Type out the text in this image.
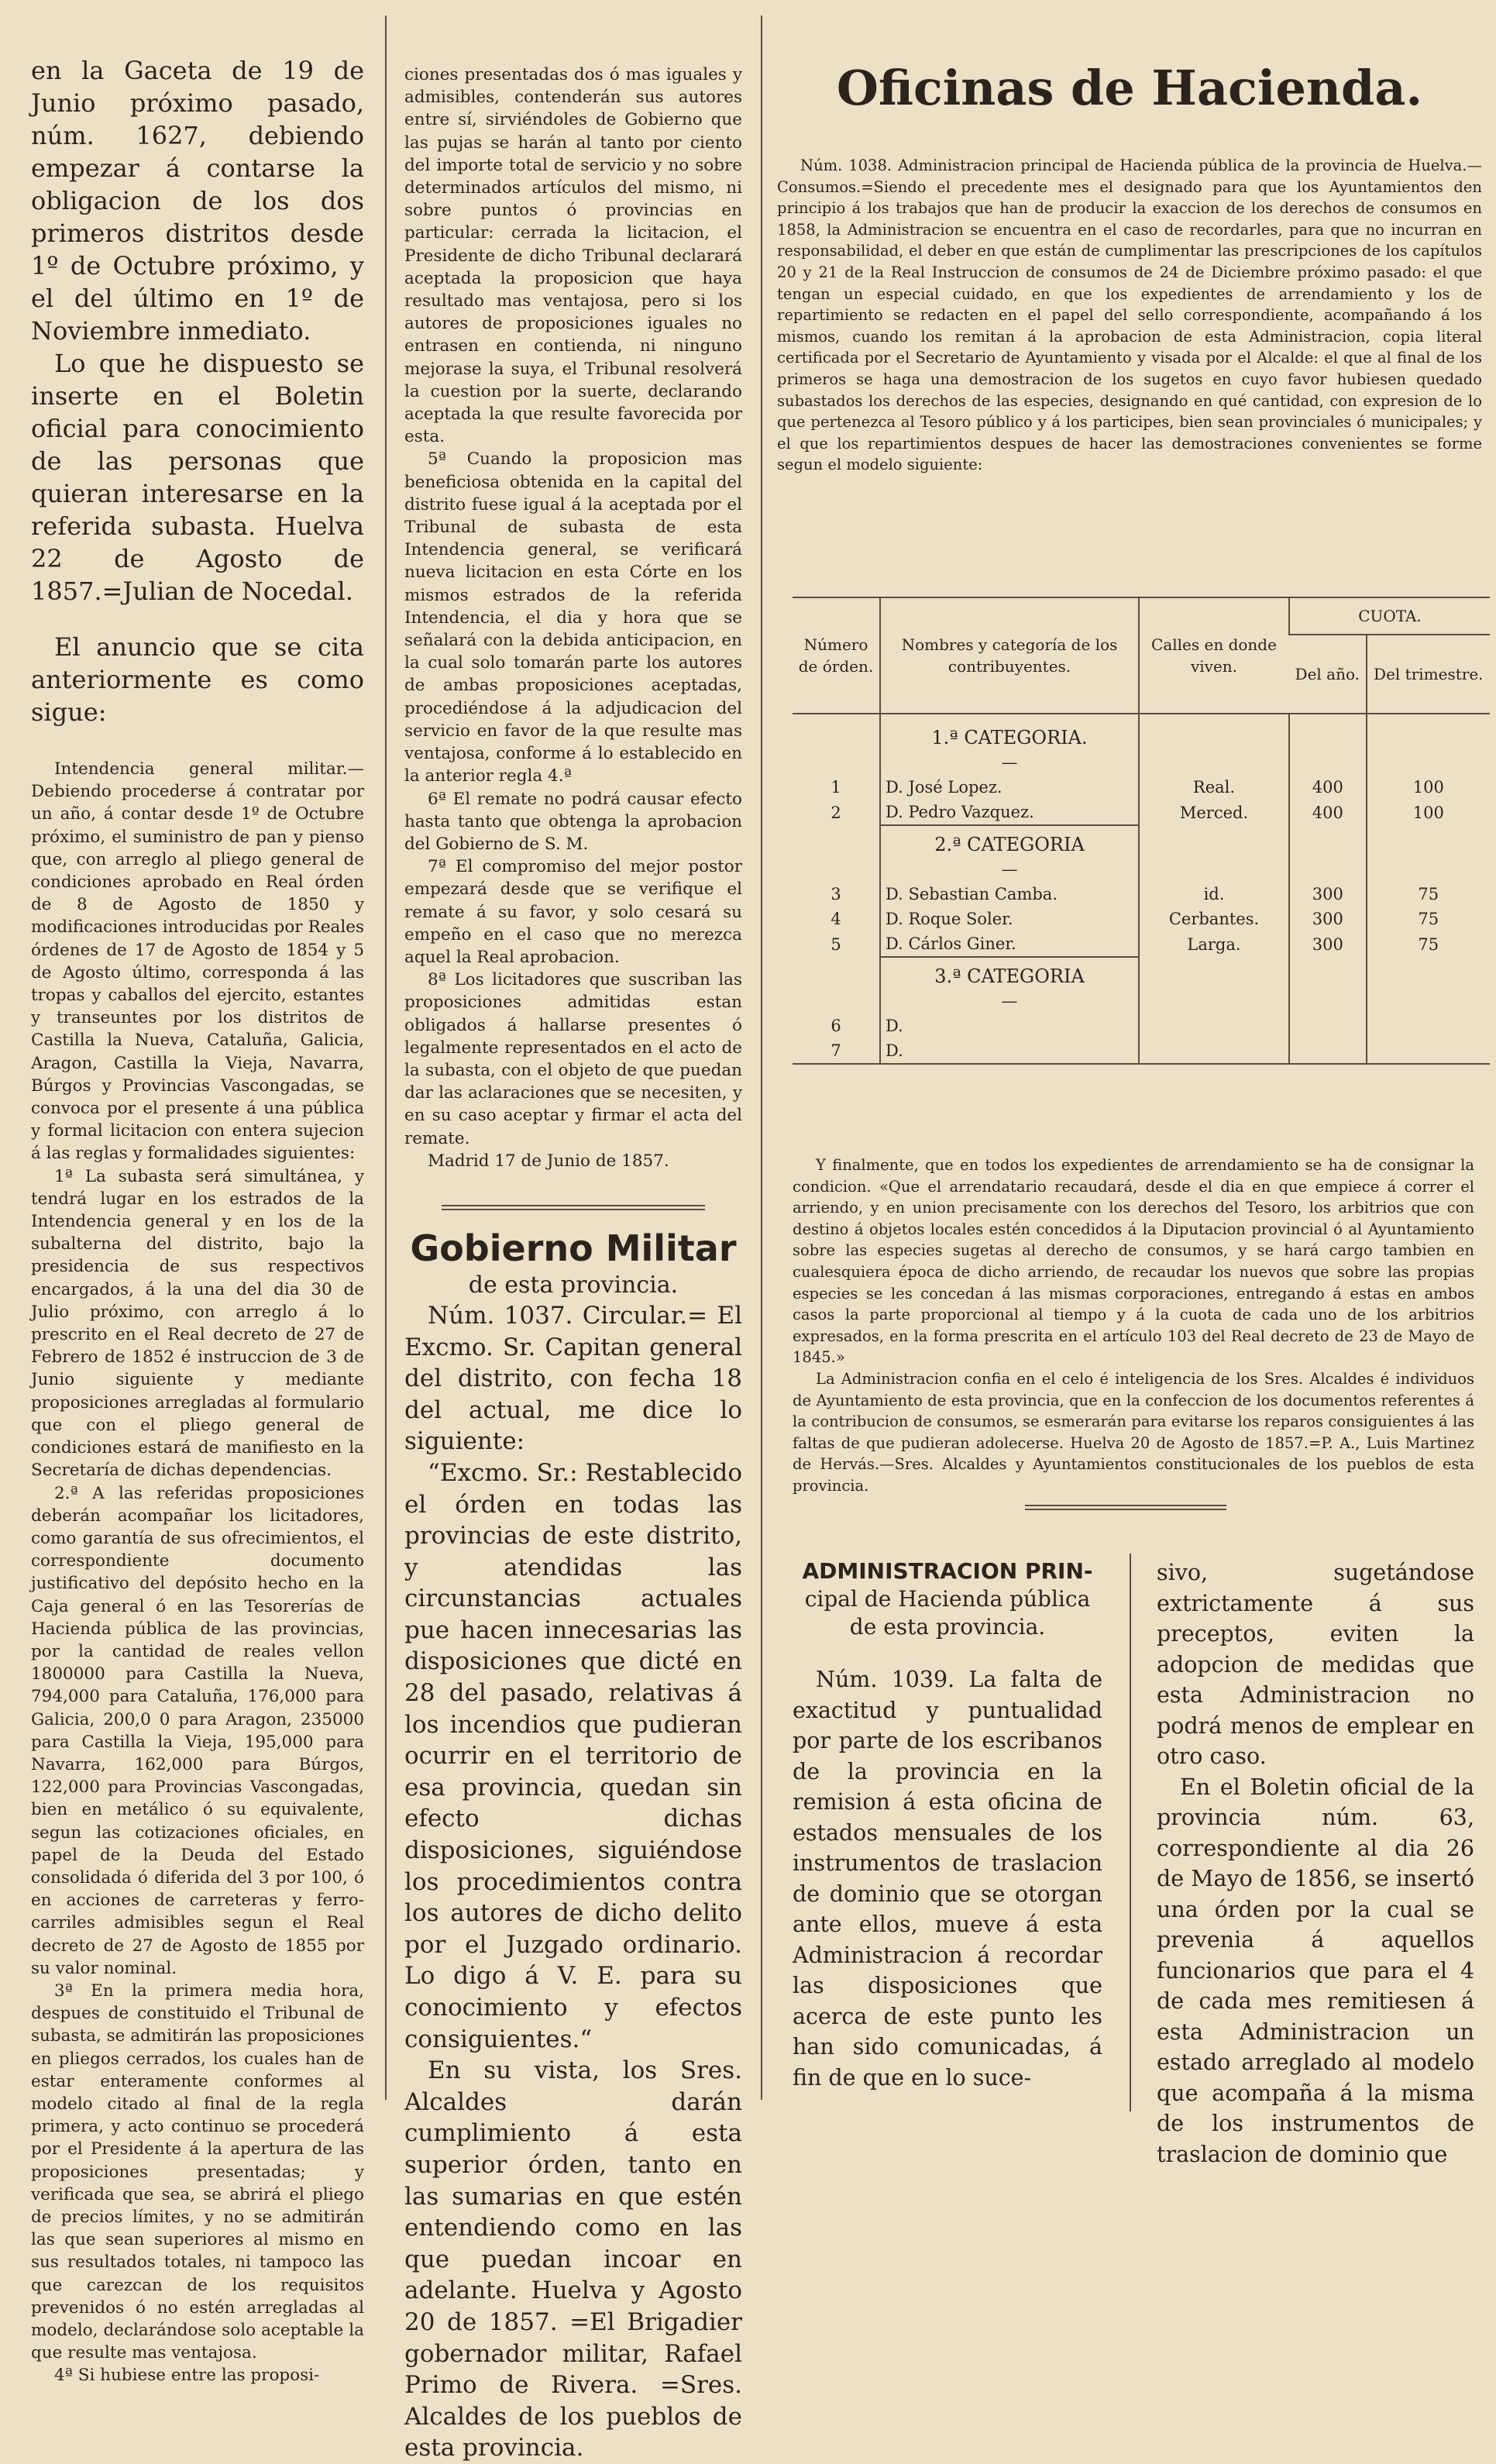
en la Gaceta de 19 de Junio próximo pasado, núm. 1627, debiendo empezar á contarse la obligacion de los dos primeros distritos desde 1º de Octubre próximo, y el del último en 1º de Noviembre inmediato.

Lo que he dispuesto se inserte en el Boletin oficial para conocimiento de las personas que quieran interesarse en la referida subasta. Huelva 22 de Agosto de 1857.=Julian de Nocedal.

El anuncio que se cita anteriormente es como sigue:

Intendencia general militar.—Debiendo procederse á contratar por un año, á contar desde 1º de Octubre próximo, el suministro de pan y pienso que, con arreglo al pliego general de condiciones aprobado en Real órden de 8 de Agosto de 1850 y modificaciones introducidas por Reales órdenes de 17 de Agosto de 1854 y 5 de Agosto último, corresponda á las tropas y caballos del ejercito, estantes y transeuntes por los distritos de Castilla la Nueva, Cataluña, Galicia, Aragon, Castilla la Vieja, Navarra, Búrgos y Provincias Vascongadas, se convoca por el presente á una pública y formal licitacion con entera sujecion á las reglas y formalidades siguientes:

1ª La subasta será simultánea, y tendrá lugar en los estrados de la Intendencia general y en los de la subalterna del distrito, bajo la presidencia de sus respectivos encargados, á la una del dia 30 de Julio próximo, con arreglo á lo prescrito en el Real decreto de 27 de Febrero de 1852 é instruccion de 3 de Junio siguiente y mediante proposiciones arregladas al formulario que con el pliego general de condiciones estará de manifiesto en la Secretaría de dichas dependencias.

2.ª A las referidas proposiciones deberán acompañar los licitadores, como garantía de sus ofrecimientos, el correspondiente documento justificativo del depósito hecho en la Caja general ó en las Tesorerías de Hacienda pública de las provincias, por la cantidad de reales vellon 1800000 para Castilla la Nueva, 794,000 para Cataluña, 176,000 para Galicia, 200,0 0 para Aragon, 235000 para Castilla la Vieja, 195,000 para Navarra, 162,000 para Búrgos, 122,000 para Provincias Vascongadas, bien en metálico ó su equivalente, segun las cotizaciones oficiales, en papel de la Deuda del Estado consolidada ó diferida del 3 por 100, ó en acciones de carreteras y ferro-carriles admisibles segun el Real decreto de 27 de Agosto de 1855 por su valor nominal.

3ª En la primera media hora, despues de constituido el Tribunal de subasta, se admitirán las proposiciones en pliegos cerrados, los cuales han de estar enteramente conformes al modelo citado al final de la regla primera, y acto continuo se procederá por el Presidente á la apertura de las proposiciones presentadas; y verificada que sea, se abrirá el pliego de precios límites, y no se admitirán las que sean superiores al mismo en sus resultados totales, ni tampoco las que carezcan de los requisitos prevenidos ó no estén arregladas al modelo, declarándose solo aceptable la que resulte mas ventajosa.

4ª Si hubiese entre las proposi-

ciones presentadas dos ó mas iguales y admisibles, contenderán sus autores entre sí, sirviéndoles de Gobierno que las pujas se harán al tanto por ciento del importe total de servicio y no sobre determinados artículos del mismo, ni sobre puntos ó provincias en particular: cerrada la licitacion, el Presidente de dicho Tribunal declarará aceptada la proposicion que haya resultado mas ventajosa, pero si los autores de proposiciones iguales no entrasen en contienda, ni ninguno mejorase la suya, el Tribunal resolverá la cuestion por la suerte, declarando aceptada la que resulte favorecida por esta.

5ª Cuando la proposicion mas beneficiosa obtenida en la capital del distrito fuese igual á la aceptada por el Tribunal de subasta de esta Intendencia general, se verificará nueva licitacion en esta Córte en los mismos estrados de la referida Intendencia, el dia y hora que se señalará con la debida anticipacion, en la cual solo tomarán parte los autores de ambas proposiciones aceptadas, procediéndose á la adjudicacion del servicio en favor de la que resulte mas ventajosa, conforme á lo establecido en la anterior regla 4.ª

6ª El remate no podrá causar efecto hasta tanto que obtenga la aprobacion del Gobierno de S. M.

7ª El compromiso del mejor postor empezará desde que se verifique el remate á su favor, y solo cesará su empeño en el caso que no merezca aquel la Real aprobacion.

8ª Los licitadores que suscriban las proposiciones admitidas estan obligados á hallarse presentes ó legalmente representados en el acto de la subasta, con el objeto de que puedan dar las aclaraciones que se necesiten, y en su caso aceptar y firmar el acta del remate.

Madrid 17 de Junio de 1857.

Gobierno Militar

de esta provincia.

Núm. 1037. Circular.= El Excmo. Sr. Capitan general del distrito, con fecha 18 del actual, me dice lo siguiente:

“Excmo. Sr.: Restablecido el órden en todas las provincias de este distrito, y atendidas las circunstancias actuales pue hacen innecesarias las disposiciones que dicté en 28 del pasado, relativas á los incendios que pudieran ocurrir en el territorio de esa provincia, quedan sin efecto dichas disposiciones, siguiéndose los procedimientos contra los autores de dicho delito por el Juzgado ordinario. Lo digo á V. E. para su conocimiento y efectos consiguientes.“

En su vista, los Sres. Alcaldes darán cumplimiento á esta superior órden, tanto en las sumarias en que estén entendiendo como en las que puedan incoar en adelante. Huelva y Agosto 20 de 1857. =El Brigadier gobernador militar, Rafael Primo de Rivera. =Sres. Alcaldes de los pueblos de esta provincia.

Oficinas de Hacienda.

Núm. 1038. Administracion principal de Hacienda pública de la provincia de Huelva.—Consumos.=Siendo el precedente mes el designado para que los Ayuntamientos den principio á los trabajos que han de producir la exaccion de los derechos de consumos en 1858, la Administracion se encuentra en el caso de recordarles, para que no incurran en responsabilidad, el deber en que están de cumplimentar las prescripciones de los capítulos 20 y 21 de la Real Instruccion de consumos de 24 de Diciembre próximo pasado: el que tengan un especial cuidado, en que los expedientes de arrendamiento y los de repartimiento se redacten en el papel del sello correspondiente, acompañando á los mismos, cuando los remitan á la aprobacion de esta Administracion, copia literal certificada por el Secretario de Ayuntamiento y visada por el Alcalde: el que al final de los primeros se haga una demostracion de los sugetos en cuyo favor hubiesen quedado subastados los derechos de las especies, designando en qué cantidad, con expresion de lo que pertenezca al Tesoro público y á los participes, bien sean provinciales ó municipales; y el que los repartimientos despues de hacer las demostraciones convenientes se forme segun el modelo siguiente:

Número de órden.	Nombres y categoría de los contribuyentes.	Calles en donde viven.	CUOTA.	
			Del año.	Del trimestre.
	1.ª CATEGORIA.			
	—			
1	D. José Lopez.	Real.	400	100
2	D. Pedro Vazquez.	Merced.	400	100
	2.ª CATEGORIA			
	—			
3	D. Sebastian Camba.	id.	300	75
4	D. Roque Soler.	Cerbantes.	300	75
5	D. Cárlos Giner.	Larga.	300	75
	3.ª CATEGORIA			
	—			
6	D.			
7	D.			

Y finalmente, que en todos los expedientes de arrendamiento se ha de consignar la condicion. «Que el arrendatario recaudará, desde el dia en que empiece á correr el arriendo, y en union precisamente con los derechos del Tesoro, los arbitrios que con destino á objetos locales estén concedidos á la Diputacion provincial ó al Ayuntamiento sobre las especies sugetas al derecho de consumos, y se hará cargo tambien en cualesquiera época de dicho arriendo, de recaudar los nuevos que sobre las propias especies se les concedan á las mismas corporaciones, entregando á estas en ambos casos la parte proporcional al tiempo y á la cuota de cada uno de los arbitrios expresados, en la forma prescrita en el artículo 103 del Real decreto de 23 de Mayo de 1845.»

La Administracion confia en el celo é inteligencia de los Sres. Alcaldes é individuos de Ayuntamiento de esta provincia, que en la confeccion de los documentos referentes á la contribucion de consumos, se esmerarán para evitarse los reparos consiguientes á las faltas de que pudieran adolecerse. Huelva 20 de Agosto de 1857.=P. A., Luis Martinez de Hervás.—Sres. Alcaldes y Ayuntamientos constitucionales de los pueblos de esta provincia.

ADMINISTRACION PRIN-

cipal de Hacienda pública de esta provincia.

Núm. 1039. La falta de exactitud y puntualidad por parte de los escribanos de la provincia en la remision á esta oficina de estados mensuales de los instrumentos de traslacion de dominio que se otorgan ante ellos, mueve á esta Administracion á recordar las disposiciones que acerca de este punto les han sido comunicadas, á fin de que en lo suce-

sivo, sugetándose extrictamente á sus preceptos, eviten la adopcion de medidas que esta Administracion no podrá menos de emplear en otro caso.

En el Boletin oficial de la provincia núm. 63, correspondiente al dia 26 de Mayo de 1856, se insertó una órden por la cual se prevenia á aquellos funcionarios que para el 4 de cada mes remitiesen á esta Administracion un estado arreglado al modelo que acompaña á la misma de los instrumentos de traslacion de dominio que
